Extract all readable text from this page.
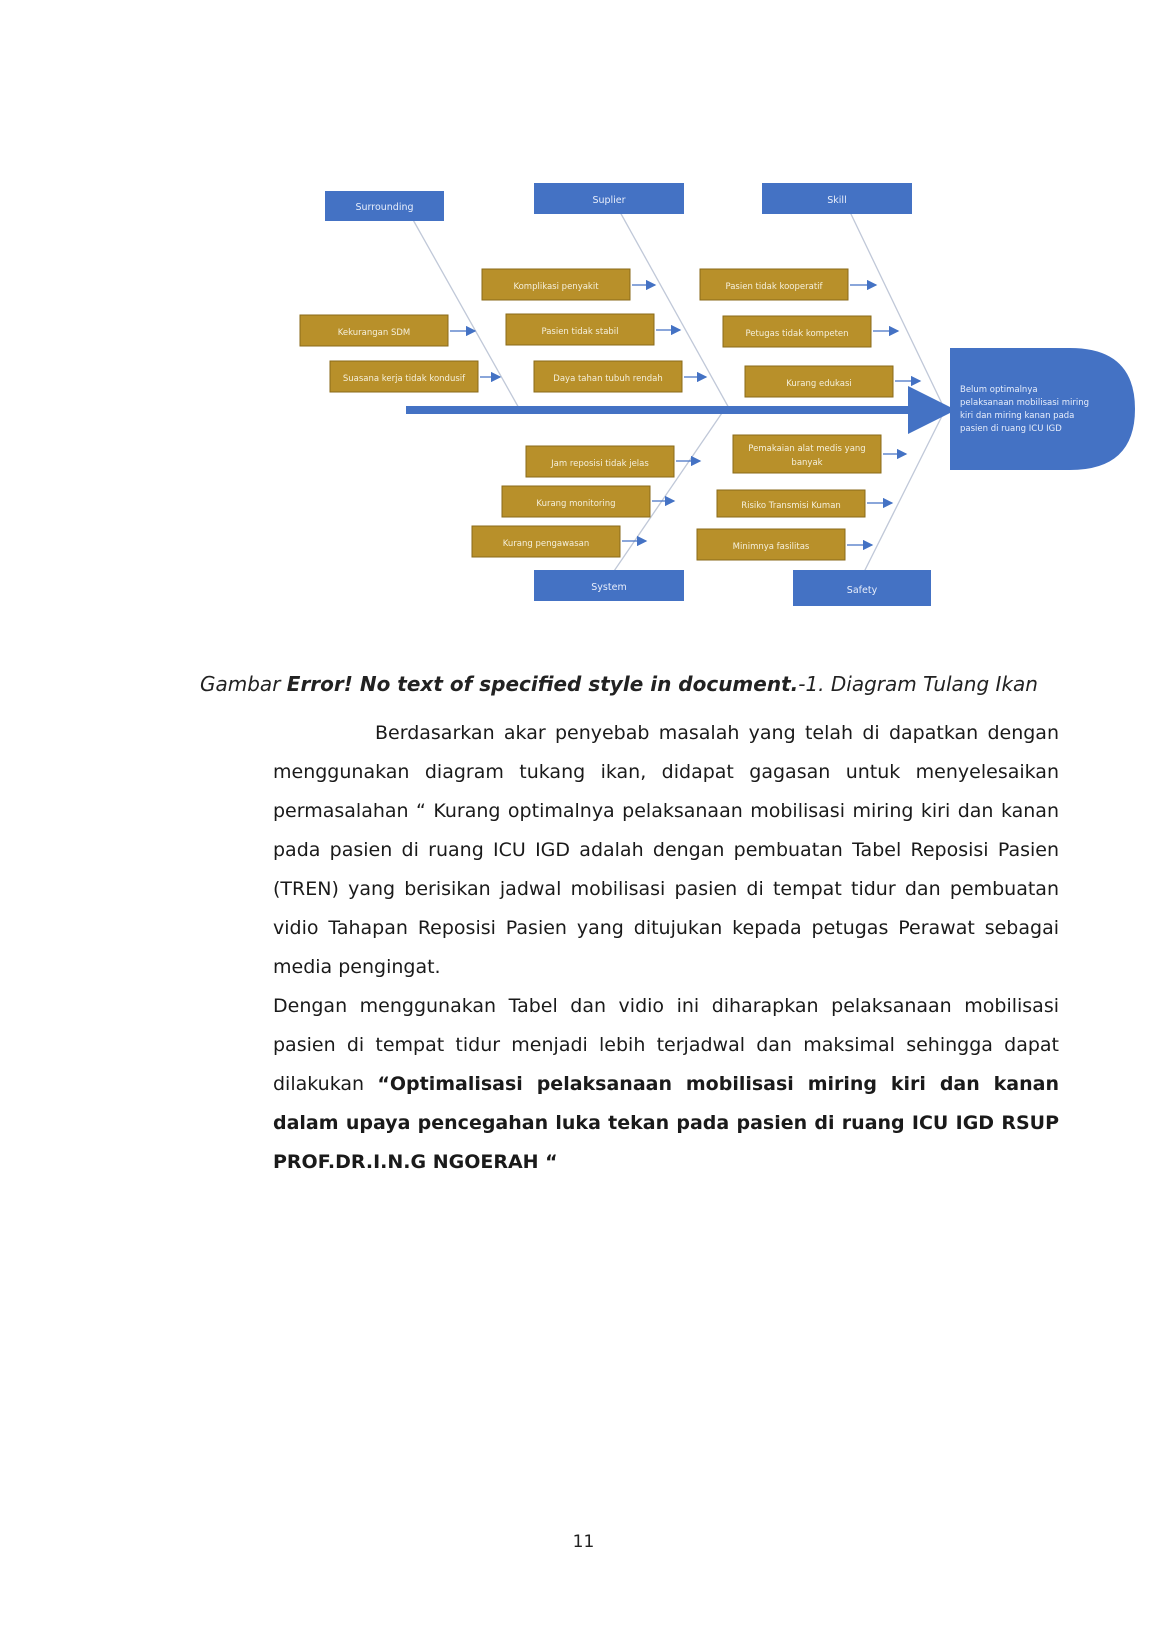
Belum optimalnya
pelaksanaan mobilisasi miring
kiri dan miring kanan pada
pasien di ruang ICU IGD
Surrounding
Suplier	Skill
System	Safety
Kekurangan SDM
Suasana kerja tidak kondusif
Komplikasi penyakit
Pasien tidak stabil
Daya tahan tubuh rendah
Pasien tidak kooperatif
Petugas tidak kompeten
Kurang edukasi
Jam reposisi tidak jelas
Kurang monitoring
Kurang pengawasan
Pemakaian alat medis yang
banyak
Risiko Transmisi Kuman
Minimnya fasilitas
Gambar Error! No text of specified style in document.-1. Diagram Tulang Ikan

Berdasarkan akar penyebab masalah yang telah di dapatkan dengan menggunakan diagram tukang ikan, didapat gagasan untuk menyelesaikan permasalahan “ Kurang optimalnya pelaksanaan mobilisasi miring kiri dan kanan pada pasien di ruang ICU IGD adalah dengan pembuatan Tabel Reposisi Pasien (TREN) yang berisikan jadwal mobilisasi pasien di tempat tidur dan pembuatan vidio Tahapan Reposisi Pasien yang ditujukan kepada petugas Perawat sebagai media pengingat.

Dengan menggunakan Tabel dan vidio ini diharapkan pelaksanaan mobilisasi pasien di tempat tidur menjadi lebih terjadwal dan maksimal sehingga dapat dilakukan “Optimalisasi pelaksanaan mobilisasi miring kiri dan kanan dalam upaya pencegahan luka tekan pada pasien di ruang ICU IGD RSUP PROF.DR.I.N.G NGOERAH “

11
